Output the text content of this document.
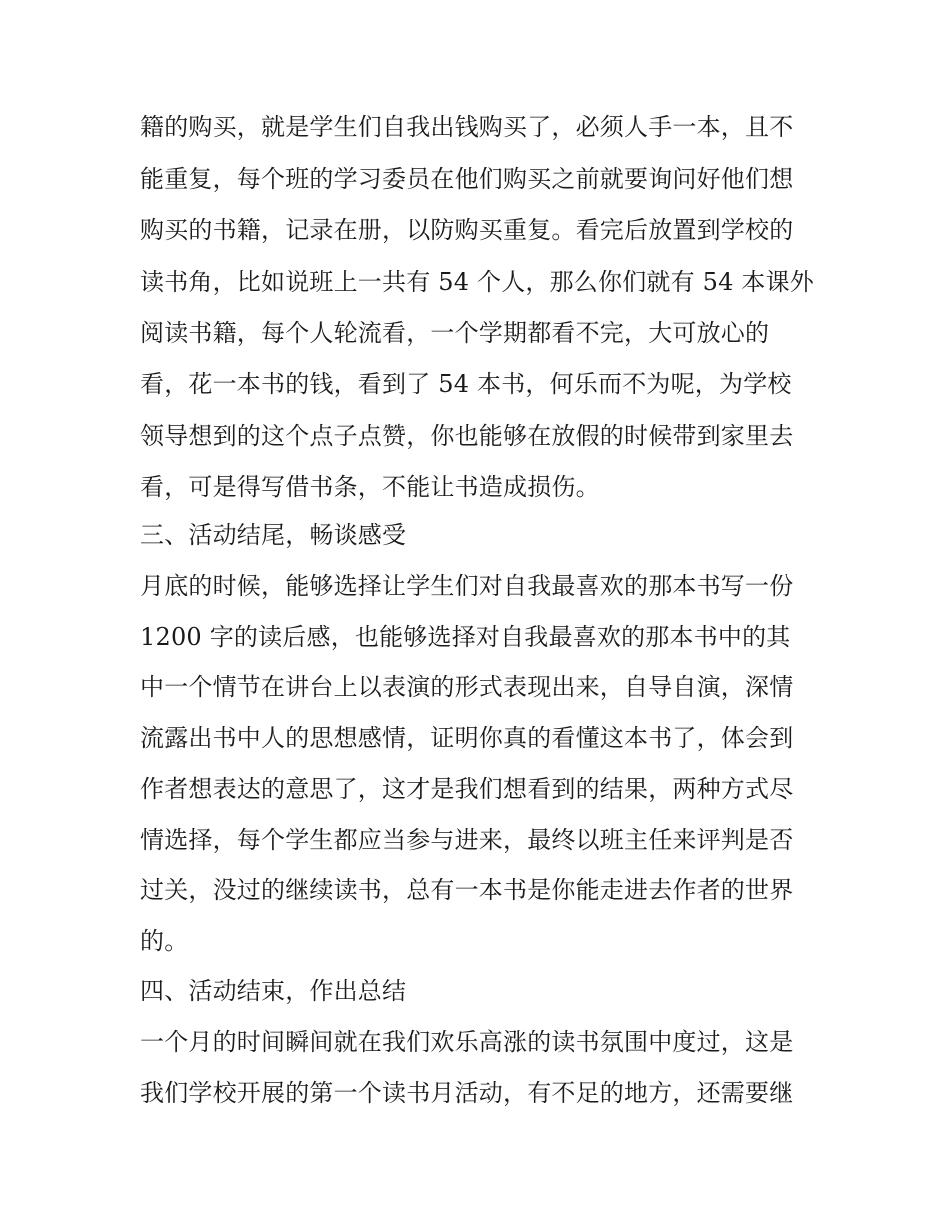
籍的购买，就是学生们自我出钱购买了，必须人手一本，且不
能重复，每个班的学习委员在他们购买之前就要询问好他们想
购买的书籍，记录在册，以防购买重复。看完后放置到学校的
读书角，比如说班上一共有 54 个人，那么你们就有 54 本课外
阅读书籍，每个人轮流看，一个学期都看不完，大可放心的
看，花一本书的钱，看到了 54 本书，何乐而不为呢，为学校
领导想到的这个点子点赞，你也能够在放假的时候带到家里去
看，可是得写借书条，不能让书造成损伤。
三、活动结尾，畅谈感受
月底的时候，能够选择让学生们对自我最喜欢的那本书写一份
1200 字的读后感，也能够选择对自我最喜欢的那本书中的其
中一个情节在讲台上以表演的形式表现出来，自导自演，深情
流露出书中人的思想感情，证明你真的看懂这本书了，体会到
作者想表达的意思了，这才是我们想看到的结果，两种方式尽
情选择，每个学生都应当参与进来，最终以班主任来评判是否
过关，没过的继续读书，总有一本书是你能走进去作者的世界
的。
四、活动结束，作出总结
一个月的时间瞬间就在我们欢乐高涨的读书氛围中度过，这是
我们学校开展的第一个读书月活动，有不足的地方，还需要继
